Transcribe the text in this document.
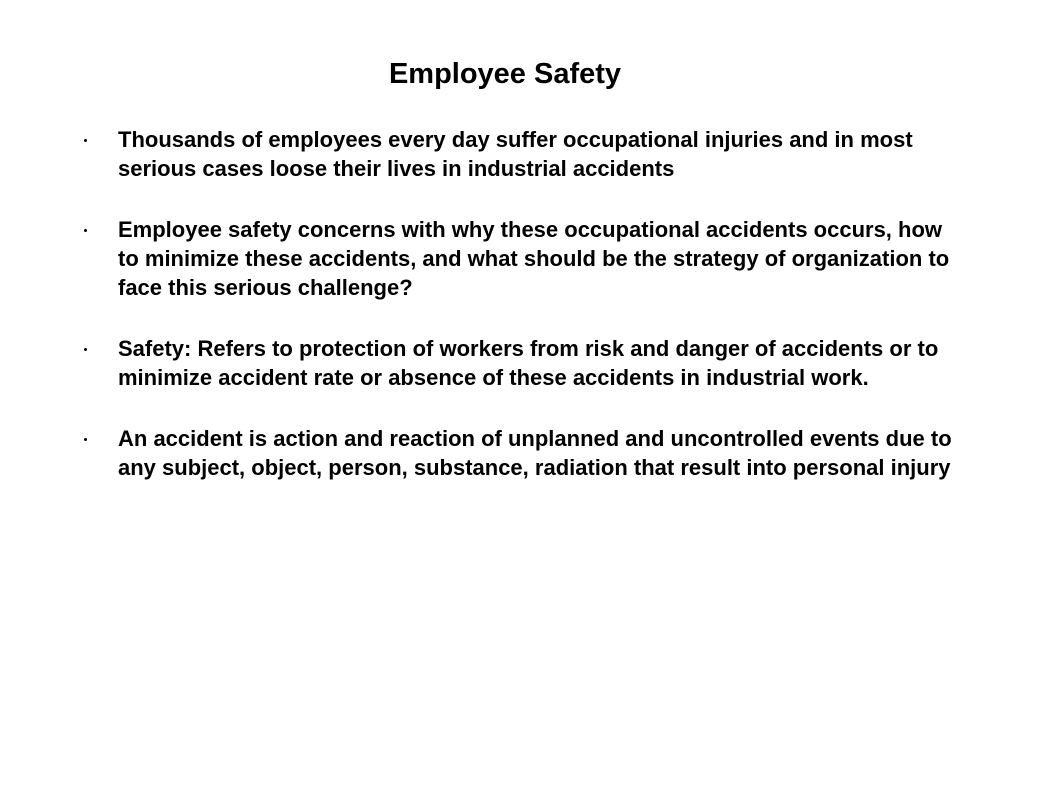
Employee Safety
Thousands of employees every day suffer occupational injuries and in most serious cases loose their lives in industrial accidents
Employee safety concerns with why these occupational accidents occurs, how to minimize these accidents, and what should be the strategy of organization to face this serious challenge?
Safety: Refers to protection of workers from risk and danger of accidents or to minimize accident rate or absence of these accidents in industrial work.
An accident is action and reaction of unplanned and uncontrolled events due to any subject, object, person, substance, radiation that result into personal injury
